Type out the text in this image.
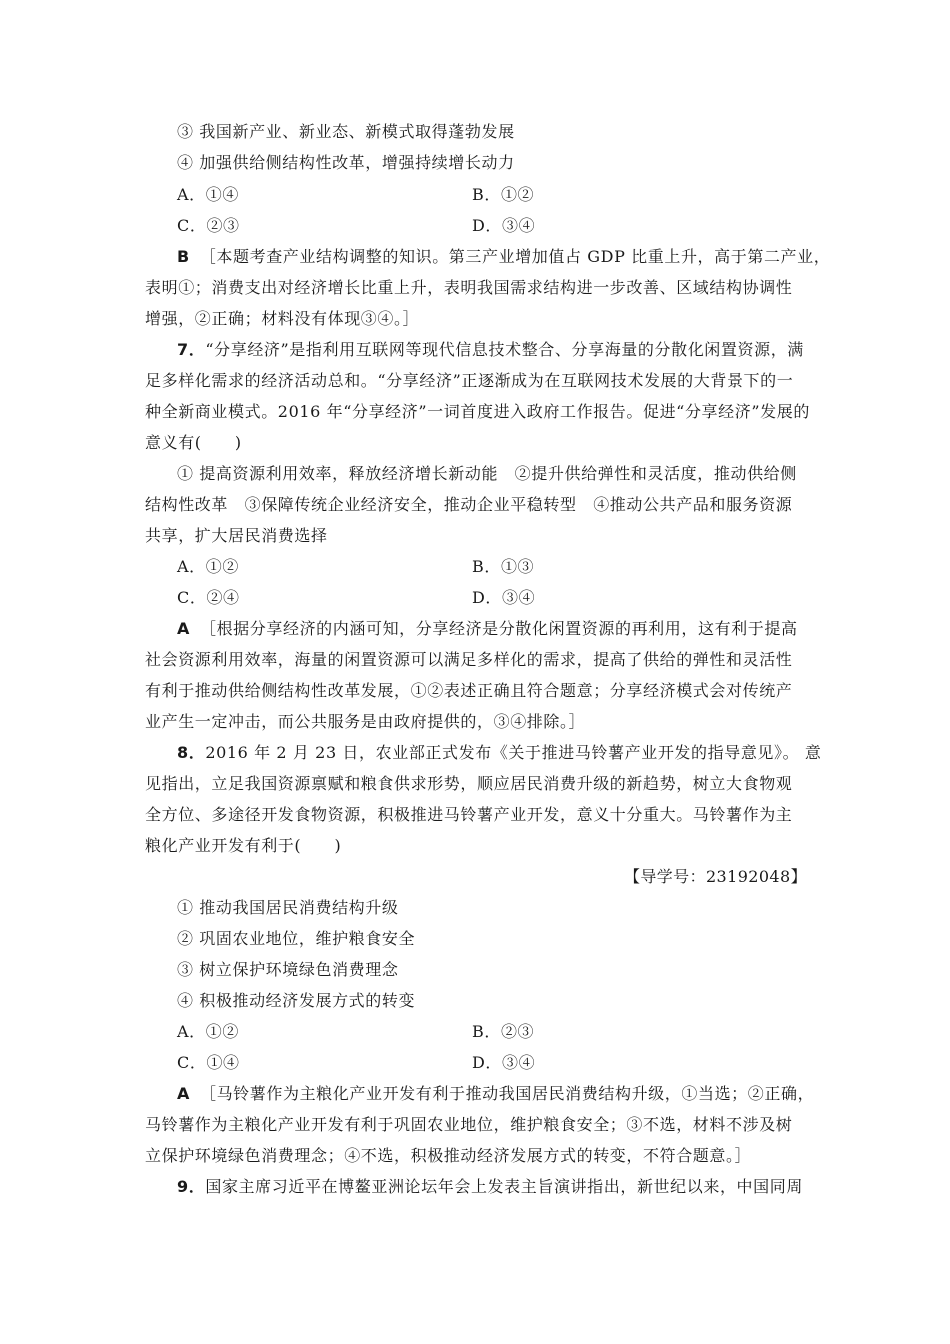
③ 我国新产业、新业态、新模式取得蓬勃发展
④ 加强供给侧结构性改革，增强持续增长动力
A．①④	B．①②
C．②③	D．③④
B ［本题考查产业结构调整的知识。第三产业增加值占 GDP 比重上升，高于第二产业，
表明①；消费支出对经济增长比重上升，表明我国需求结构进一步改善、区域结构协调性
增强，②正确；材料没有体现③④。］
7．“分享经济”是指利用互联网等现代信息技术整合、分享海量的分散化闲置资源，满
足多样化需求的经济活动总和。“分享经济”正逐渐成为在互联网技术发展的大背景下的一
种全新商业模式。2016 年“分享经济”一词首度进入政府工作报告。促进“分享经济”发展的
意义有(　　)
① 提高资源利用效率，释放经济增长新动能　②提升供给弹性和灵活度，推动供给侧
结构性改革　③保障传统企业经济安全，推动企业平稳转型　④推动公共产品和服务资源
共享，扩大居民消费选择
A．①②	B．①③
C．②④	D．③④
A ［根据分享经济的内涵可知，分享经济是分散化闲置资源的再利用，这有利于提高
社会资源利用效率，海量的闲置资源可以满足多样化的需求，提高了供给的弹性和灵活性
有利于推动供给侧结构性改革发展，①②表述正确且符合题意；分享经济模式会对传统产
业产生一定冲击，而公共服务是由政府提供的，③④排除。］
8．2016 年 2 月 23 日，农业部正式发布《关于推进马铃薯产业开发的指导意见》。 意
见指出，立足我国资源禀赋和粮食供求形势，顺应居民消费升级的新趋势，树立大食物观
全方位、多途径开发食物资源，积极推进马铃薯产业开发，意义十分重大。马铃薯作为主
粮化产业开发有利于(　　)
【导学号：23192048】
① 推动我国居民消费结构升级
② 巩固农业地位，维护粮食安全
③ 树立保护环境绿色消费理念
④ 积极推动经济发展方式的转变
A．①②	B．②③
C．①④	D．③④
A ［马铃薯作为主粮化产业开发有利于推动我国居民消费结构升级，①当选；②正确，
马铃薯作为主粮化产业开发有利于巩固农业地位，维护粮食安全；③不选，材料不涉及树
立保护环境绿色消费理念；④不选，积极推动经济发展方式的转变，不符合题意。］
9．国家主席习近平在博鳌亚洲论坛年会上发表主旨演讲指出，新世纪以来，中国同周
